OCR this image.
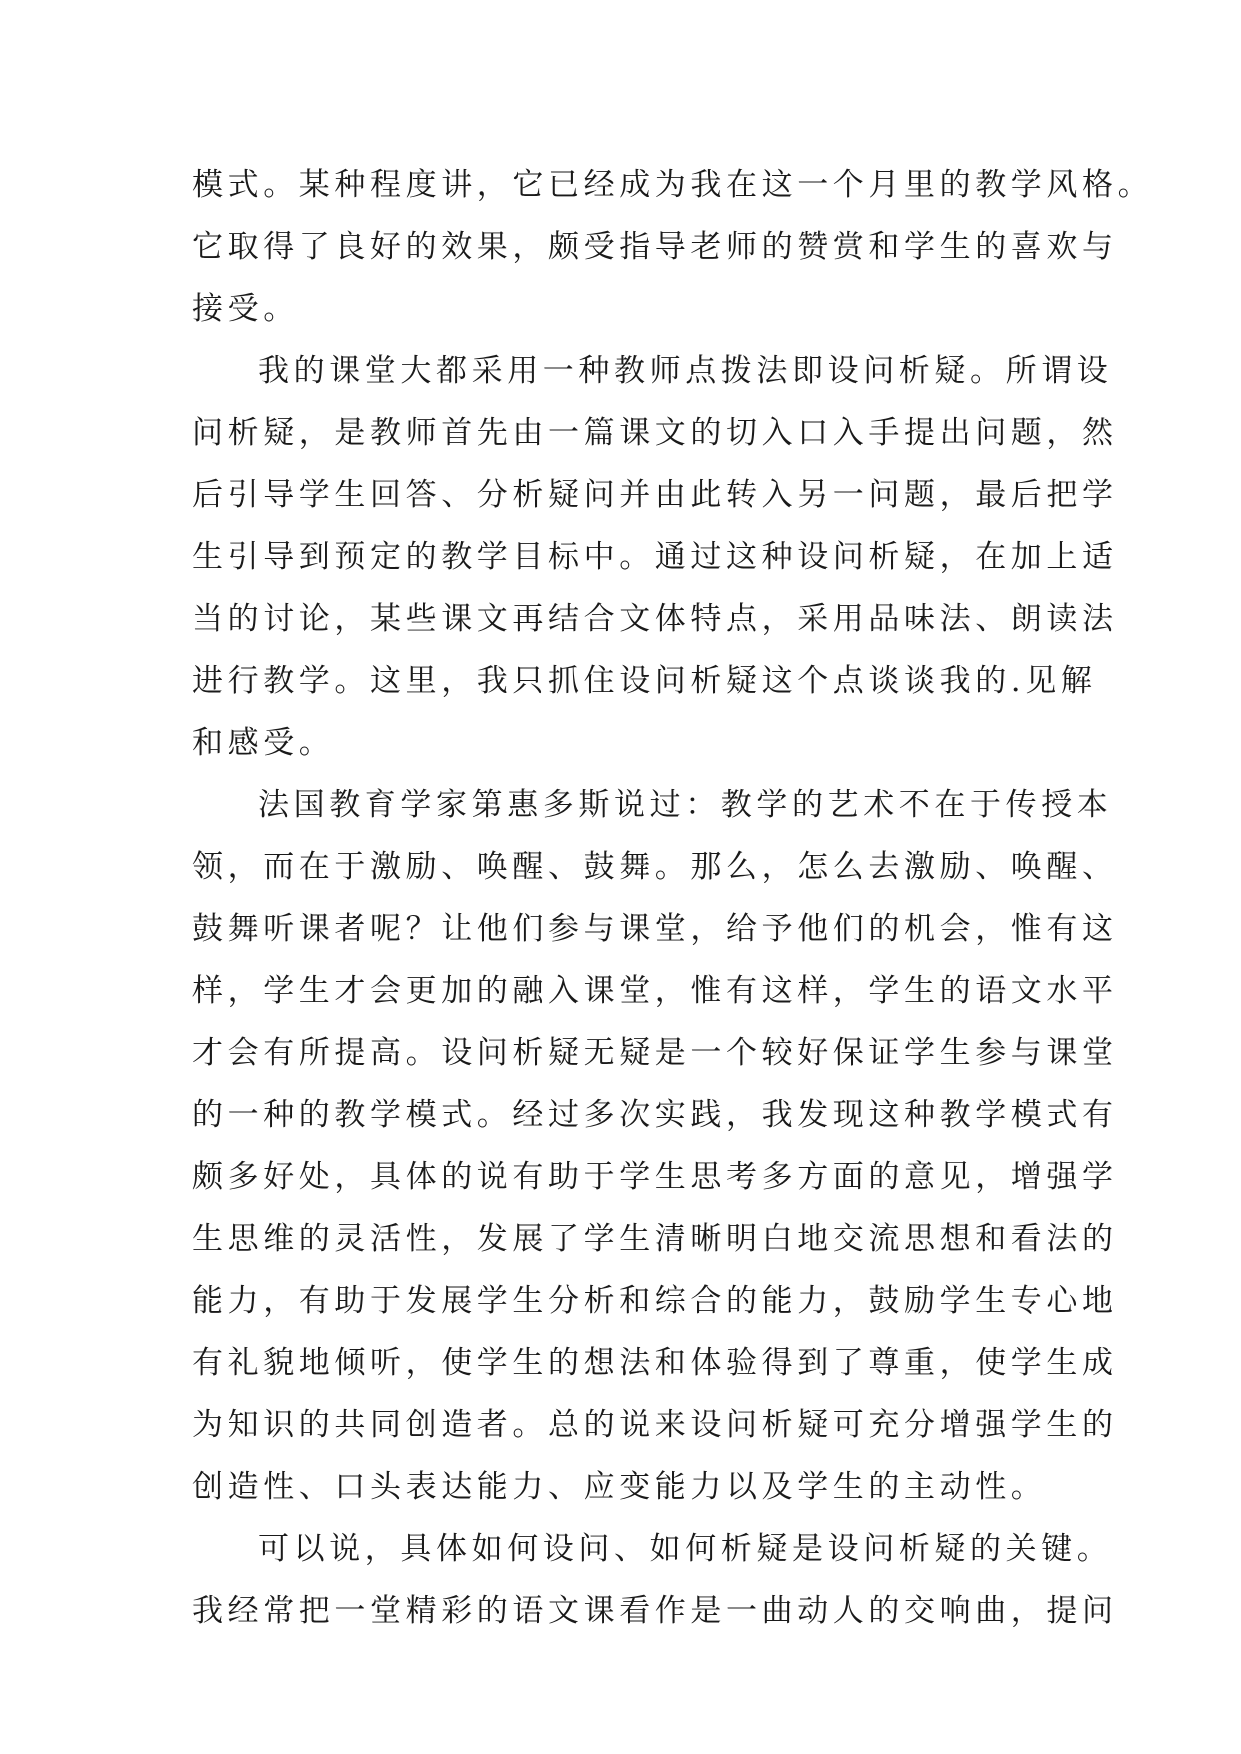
模式。某种程度讲，它已经成为我在这一个月里的教学风格。
它取得了良好的效果，颇受指导老师的赞赏和学生的喜欢与
接受。
我的课堂大都采用一种教师点拨法即设问析疑。所谓设
问析疑，是教师首先由一篇课文的切入口入手提出问题，然
后引导学生回答、分析疑问并由此转入另一问题，最后把学
生引导到预定的教学目标中。通过这种设问析疑，在加上适
当的讨论，某些课文再结合文体特点，采用品味法、朗读法
进行教学。这里，我只抓住设问析疑这个点谈谈我的.见解
和感受。
法国教育学家第惠多斯说过：教学的艺术不在于传授本
领，而在于激励、唤醒、鼓舞。那么，怎么去激励、唤醒、
鼓舞听课者呢？让他们参与课堂，给予他们的机会，惟有这
样，学生才会更加的融入课堂，惟有这样，学生的语文水平
才会有所提高。设问析疑无疑是一个较好保证学生参与课堂
的一种的教学模式。经过多次实践，我发现这种教学模式有
颇多好处，具体的说有助于学生思考多方面的意见，增强学
生思维的灵活性，发展了学生清晰明白地交流思想和看法的
能力，有助于发展学生分析和综合的能力，鼓励学生专心地
有礼貌地倾听，使学生的想法和体验得到了尊重，使学生成
为知识的共同创造者。总的说来设问析疑可充分增强学生的
创造性、口头表达能力、应变能力以及学生的主动性。
可以说，具体如何设问、如何析疑是设问析疑的关键。
我经常把一堂精彩的语文课看作是一曲动人的交响曲，提问
